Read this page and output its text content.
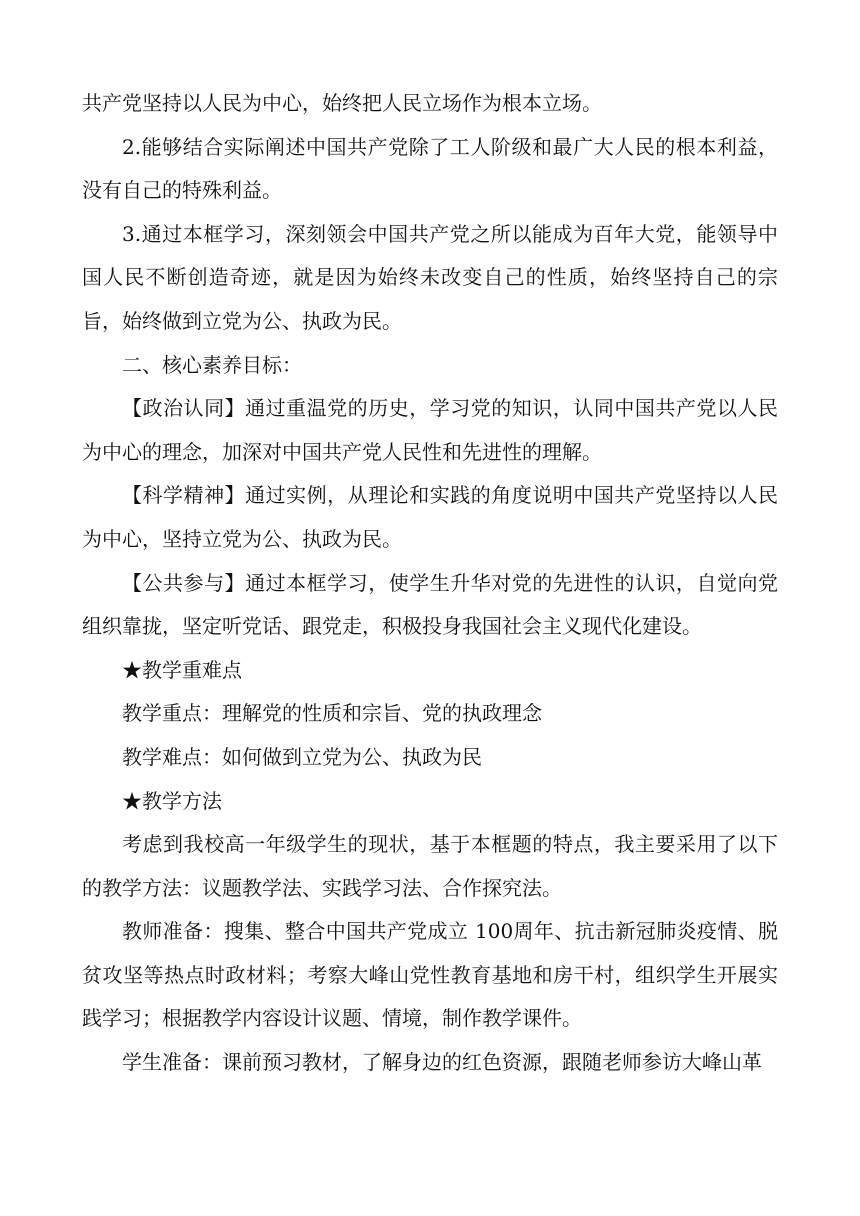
共产党坚持以人民为中心，始终把人民立场作为根本立场。

2.能够结合实际阐述中国共产党除了工人阶级和最广大人民的根本利益，没有自己的特殊利益。

3.通过本框学习，深刻领会中国共产党之所以能成为百年大党，能领导中国人民不断创造奇迹，就是因为始终未改变自己的性质，始终坚持自己的宗旨，始终做到立党为公、执政为民。

二、核心素养目标：

【政治认同】通过重温党的历史，学习党的知识，认同中国共产党以人民为中心的理念，加深对中国共产党人民性和先进性的理解。

【科学精神】通过实例，从理论和实践的角度说明中国共产党坚持以人民为中心，坚持立党为公、执政为民。

【公共参与】通过本框学习，使学生升华对党的先进性的认识，自觉向党组织靠拢，坚定听党话、跟党走，积极投身我国社会主义现代化建设。

★教学重难点

教学重点：理解党的性质和宗旨、党的执政理念

教学难点：如何做到立党为公、执政为民

★教学方法

考虑到我校高一年级学生的现状，基于本框题的特点，我主要采用了以下的教学方法：议题教学法、实践学习法、合作探究法。

教师准备：搜集、整合中国共产党成立 100周年、抗击新冠肺炎疫情、脱贫攻坚等热点时政材料；考察大峰山党性教育基地和房干村，组织学生开展实践学习；根据教学内容设计议题、情境，制作教学课件。

学生准备：课前预习教材，了解身边的红色资源，跟随老师参访大峰山革
